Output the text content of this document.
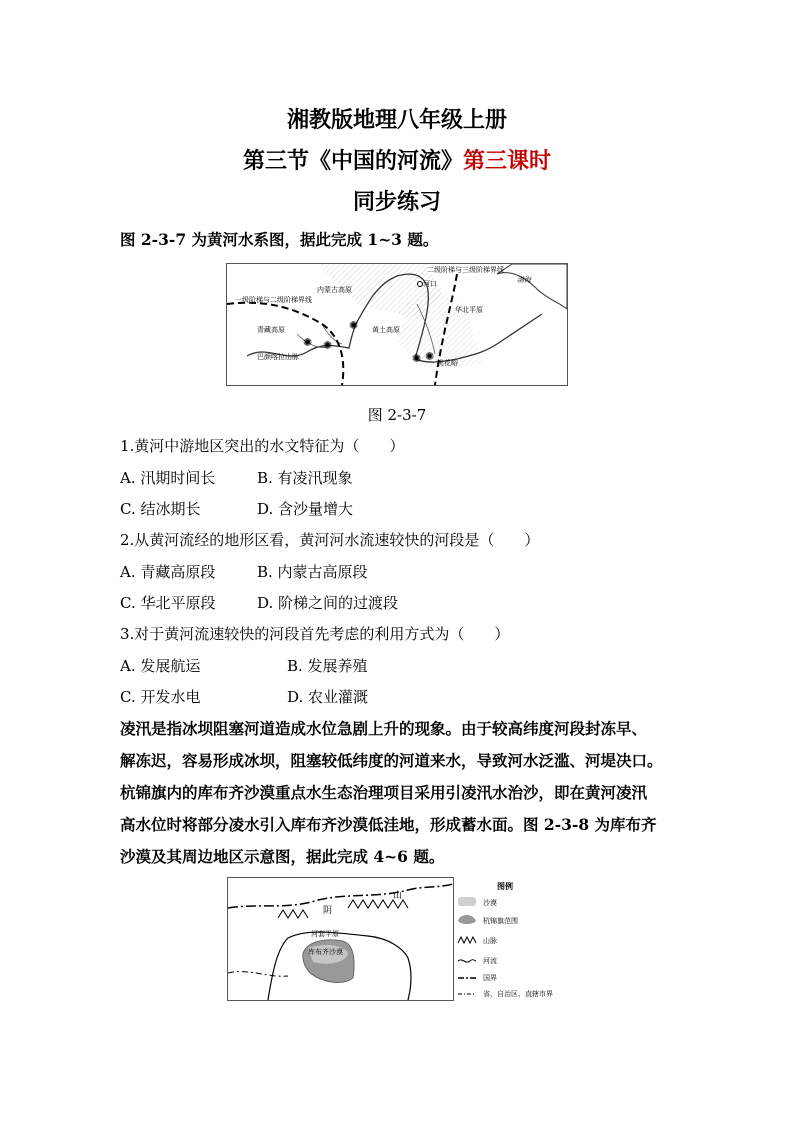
湘教版地理八年级上册
第三节《中国的河流》第三课时
同步练习
图 2-3-7 为黄河水系图，据此完成 1~3 题。
一级阶梯与二级阶梯界线
二级阶梯与三级阶梯界线
内蒙古高原
河口	渤海
华北平原
黄土高原
青藏高原
巴颜喀拉山脉
桃花峪
✺
✺ ✺
✺ ✺
图 2-3-7
1.黄河中游地区突出的水文特征为（　　）
A. 汛期时间长	B. 有凌汛现象
C. 结冰期长	D. 含沙量增大
2.从黄河流经的地形区看，黄河河水流速较快的河段是（　　）
A. 青藏高原段	B. 内蒙古高原段
C. 华北平原段	D. 阶梯之间的过渡段
3.对于黄河流速较快的河段首先考虑的利用方式为（　　）
A. 发展航运	B. 发展养殖
C. 开发水电	D. 农业灌溉
凌汛是指冰坝阻塞河道造成水位急剧上升的现象。由于较高纬度河段封冻早、
解冻迟，容易形成冰坝，阻塞较低纬度的河道来水，导致河水泛滥、河堤决口。
杭锦旗内的库布齐沙漠重点水生态治理项目采用引凌汛水治沙，即在黄河凌汛
高水位时将部分凌水引入库布齐沙漠低洼地，形成蓄水面。图 2-3-8 为库布齐
沙漠及其周边地区示意图，据此完成 4~6 题。
山
阴
河套平原
库布齐沙漠
图例
沙漠
杭锦旗范围
山脉
河流
国界
省、自治区、直辖市界
